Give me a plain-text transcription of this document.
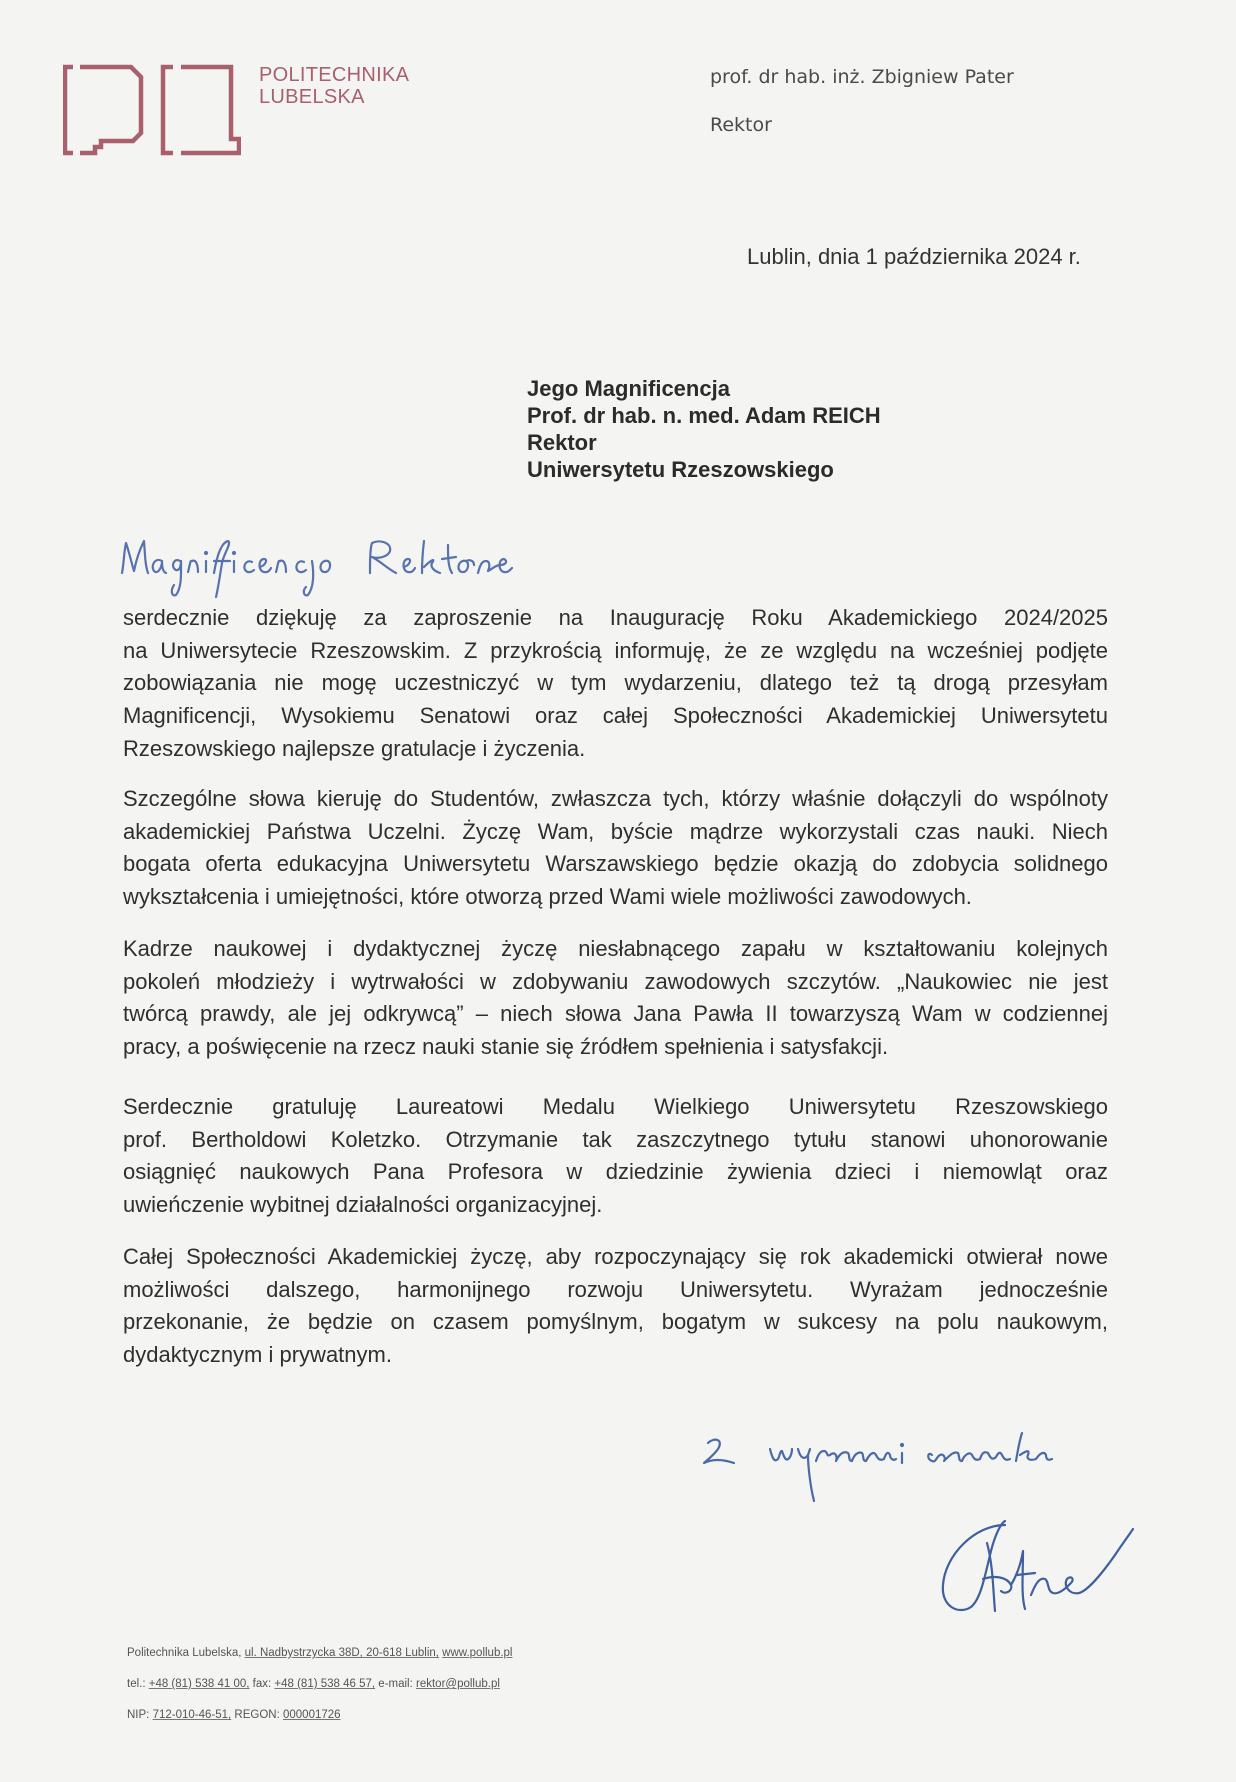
POLITECHNIKA
LUBELSKA
prof. dr hab. inż. Zbigniew Pater
Rektor
Lublin, dnia 1 października 2024 r.
Jego Magnificencja
Prof. dr hab. n. med. Adam REICH
Rektor
Uniwersytetu Rzeszowskiego
serdecznie dziękuję za zaproszenie na Inaugurację Roku Akademickiego 2024/2025
na Uniwersytecie Rzeszowskim. Z przykrością informuję, że ze względu na wcześniej podjęte
zobowiązania nie mogę uczestniczyć w tym wydarzeniu, dlatego też tą drogą przesyłam
Magnificencji, Wysokiemu Senatowi oraz całej Społeczności Akademickiej Uniwersytetu
Rzeszowskiego najlepsze gratulacje i życzenia.
Szczególne słowa kieruję do Studentów, zwłaszcza tych, którzy właśnie dołączyli do wspólnoty
akademickiej Państwa Uczelni. Życzę Wam, byście mądrze wykorzystali czas nauki. Niech
bogata oferta edukacyjna Uniwersytetu Warszawskiego będzie okazją do zdobycia solidnego
wykształcenia i umiejętności, które otworzą przed Wami wiele możliwości zawodowych.
Kadrze naukowej i dydaktycznej życzę niesłabnącego zapału w kształtowaniu kolejnych
pokoleń młodzieży i wytrwałości w zdobywaniu zawodowych szczytów. „Naukowiec nie jest
twórcą prawdy, ale jej odkrywcą” – niech słowa Jana Pawła II towarzyszą Wam w codziennej
pracy, a poświęcenie na rzecz nauki stanie się źródłem spełnienia i satysfakcji.
Serdecznie gratuluję Laureatowi Medalu Wielkiego Uniwersytetu Rzeszowskiego
prof. Bertholdowi Koletzko. Otrzymanie tak zaszczytnego tytułu stanowi uhonorowanie
osiągnięć naukowych Pana Profesora w dziedzinie żywienia dzieci i niemowląt oraz
uwieńczenie wybitnej działalności organizacyjnej.
Całej Społeczności Akademickiej życzę, aby rozpoczynający się rok akademicki otwierał nowe
możliwości dalszego, harmonijnego rozwoju Uniwersytetu. Wyrażam jednocześnie
przekonanie, że będzie on czasem pomyślnym, bogatym w sukcesy na polu naukowym,
dydaktycznym i prywatnym.
Politechnika Lubelska, ul. Nadbystrzycka 38D, 20-618 Lublin, www.pollub.pl
tel.: +48 (81) 538 41 00, fax: +48 (81) 538 46 57, e-mail: rektor@pollub.pl
NIP: 712-010-46-51, REGON: 000001726
